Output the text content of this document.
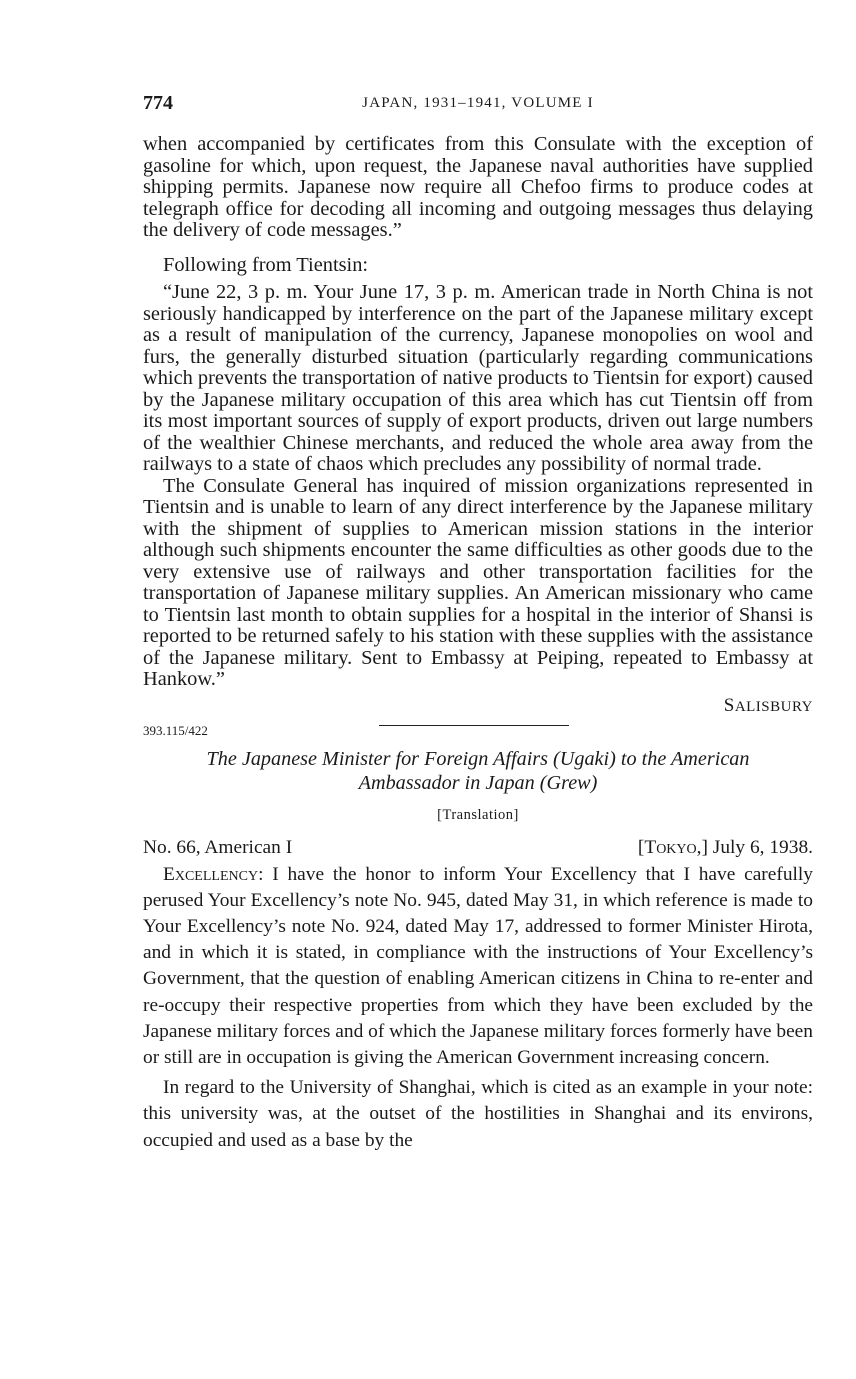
774	JAPAN, 1931–1941, VOLUME I

when accompanied by certificates from this Consulate with the exception of gasoline for which, upon request, the Japanese naval authorities have supplied shipping permits. Japanese now require all Chefoo firms to produce codes at telegraph office for decoding all incoming and outgoing messages thus delaying the delivery of code messages.”

Following from Tientsin:

“June 22, 3 p. m. Your June 17, 3 p. m. American trade in North China is not seriously handicapped by interference on the part of the Japanese military except as a result of manipulation of the currency, Japanese monopolies on wool and furs, the generally disturbed situation (particularly regarding communications which prevents the transportation of native products to Tientsin for export) caused by the Japanese military occupation of this area which has cut Tientsin off from its most important sources of supply of export products, driven out large numbers of the wealthier Chinese merchants, and reduced the whole area away from the railways to a state of chaos which precludes any possibility of normal trade.

The Consulate General has inquired of mission organizations represented in Tientsin and is unable to learn of any direct interference by the Japanese military with the shipment of supplies to American mission stations in the interior although such shipments encounter the same difficulties as other goods due to the very extensive use of railways and other transportation facilities for the transportation of Japanese military supplies. An American missionary who came to Tientsin last month to obtain supplies for a hospital in the interior of Shansi is reported to be returned safely to his station with these supplies with the assistance of the Japanese military. Sent to Embassy at Peiping, repeated to Embassy at Hankow.”

SALISBURY
393.115/422

The Japanese Minister for Foreign Affairs (Ugaki) to the American
Ambassador in Japan (Grew)

[Translation]

No. 66, American I	[Tokyo,] July 6, 1938.

Excellency: I have the honor to inform Your Excellency that I have carefully perused Your Excellency’s note No. 945, dated May 31, in which reference is made to Your Excellency’s note No. 924, dated May 17, addressed to former Minister Hirota, and in which it is stated, in compliance with the instructions of Your Excellency’s Government, that the question of enabling American citizens in China to re-enter and re-occupy their respective properties from which they have been excluded by the Japanese military forces and of which the Japanese military forces formerly have been or still are in occupation is giving the American Government increasing concern.

In regard to the University of Shanghai, which is cited as an example in your note: this university was, at the outset of the hostilities in Shanghai and its environs, occupied and used as a base by the
